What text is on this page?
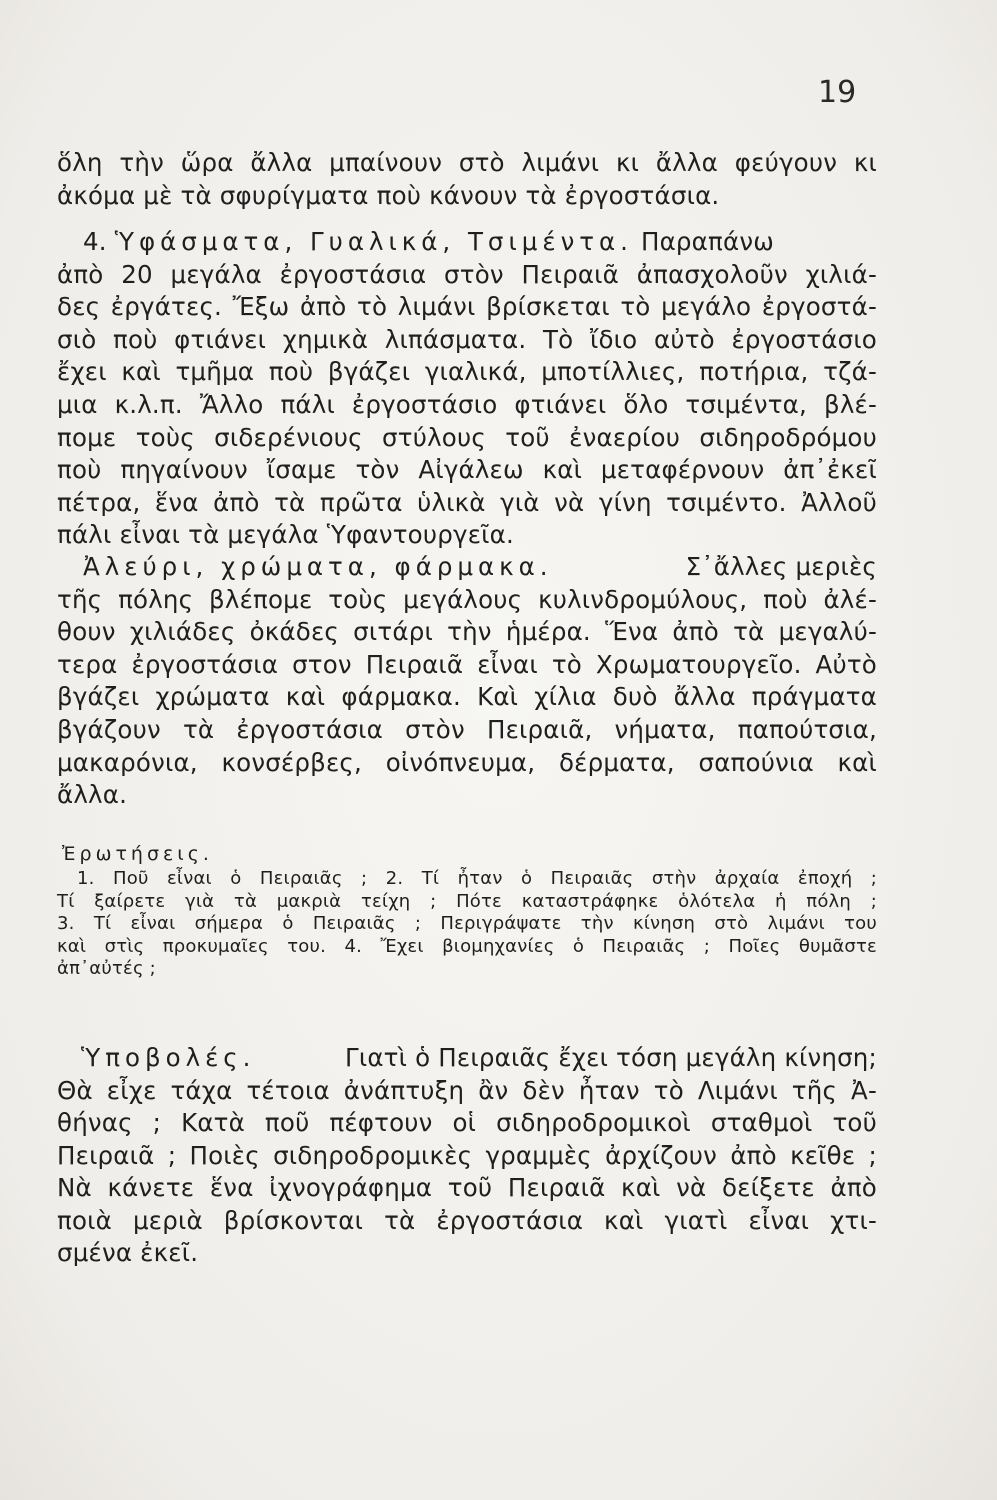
19
ὅλη τὴν ὥρα ἄλλα μπαίνουν στὸ λιμάνι κι ἄλλα φεύγουν κι
ἀκόμα μὲ τὰ σφυρίγματα ποὺ κάνουν τὰ ἐργοστάσια.
4. Ὑφάσματα, Γυαλικά, Τσιμέντα. Παραπάνω
ἀπὸ 20 μεγάλα ἐργοστάσια στὸν Πειραιᾶ ἀπασχολοῦν χιλιά-
δες ἐργάτες. Ἔξω ἀπὸ τὸ λιμάνι βρίσκεται τὸ μεγάλο ἐργοστά-
σιὸ ποὺ φτιάνει χημικὰ λιπάσματα. Τὸ ἴδιο αὐτὸ ἐργοστάσιο
ἔχει καὶ τμῆμα ποὺ βγάζει γιαλικά, μποτίλλιες, ποτήρια, τζά-
μια κ.λ.π. Ἄλλο πάλι ἐργοστάσιο φτιάνει ὅλο τσιμέντα, βλέ-
πομε τοὺς σιδερένιους στύλους τοῦ ἐναερίου σιδηροδρόμου
ποὺ πηγαίνουν ἴσαμε τὸν Αἰγάλεω καὶ μεταφέρνουν ἀπ᾽ἐκεῖ
πέτρα, ἕνα ἀπὸ τὰ πρῶτα ὑλικὰ γιὰ νὰ γίνη τσιμέντο. Ἀλλοῦ
πάλι εἶναι τὰ μεγάλα Ὑφαντουργεῖα.
Ἀλεύρι, χρώματα, φάρμακα.	Σ᾽ἄλλες μεριὲς
τῆς πόλης βλέπομε τοὺς μεγάλους κυλινδρομύλους, ποὺ ἀλέ-
θουν χιλιάδες ὀκάδες σιτάρι τὴν ἡμέρα. Ἕνα ἀπὸ τὰ μεγαλύ-
τερα ἐργοστάσια στον Πειραιᾶ εἶναι τὸ Χρωματουργεῖο. Αὐτὸ
βγάζει χρώματα καὶ φάρμακα. Καὶ χίλια δυὸ ἄλλα πράγματα
βγάζουν τὰ ἐργοστάσια στὸν Πειραιᾶ, νήματα, παπούτσια,
μακαρόνια, κονσέρβες, οἰνόπνευμα, δέρματα, σαπούνια καὶ
ἄλλα.
Ἐρωτήσεις.
1. Ποῦ εἶναι ὁ Πειραιᾶς ; 2. Τί ἦταν ὁ Πειραιᾶς στὴν ἀρχαία ἐποχή ;
Τί ξαίρετε γιὰ τὰ μακριὰ τείχη ; Πότε καταστράφηκε ὁλότελα ἡ πόλη ;
3. Τί εἶναι σήμερα ὁ Πειραιᾶς ; Περιγράψατε τὴν κίνηση στὸ λιμάνι του
καὶ στὶς προκυμαῖες του. 4. Ἔχει βιομηχανίες ὁ Πειραιᾶς ; Ποῖες θυμᾶστε
ἀπ᾽αὐτές ;
Ὑποβολές.	Γιατὶ ὁ Πειραιᾶς ἔχει τόση μεγάλη κίνηση;
Θὰ εἶχε τάχα τέτοια ἀνάπτυξη ἂν δὲν ἦταν τὸ Λιμάνι τῆς Ἀ-
θήνας ; Κατὰ ποῦ πέφτουν οἱ σιδηροδρομικοὶ σταθμοὶ τοῦ
Πειραιᾶ ; Ποιὲς σιδηροδρομικὲς γραμμὲς ἀρχίζουν ἀπὸ κεῖθε ;
Νὰ κάνετε ἕνα ἰχνογράφημα τοῦ Πειραιᾶ καὶ νὰ δείξετε ἀπὸ
ποιὰ μεριὰ βρίσκονται τὰ ἐργοστάσια καὶ γιατὶ εἶναι χτι-
σμένα ἐκεῖ.
